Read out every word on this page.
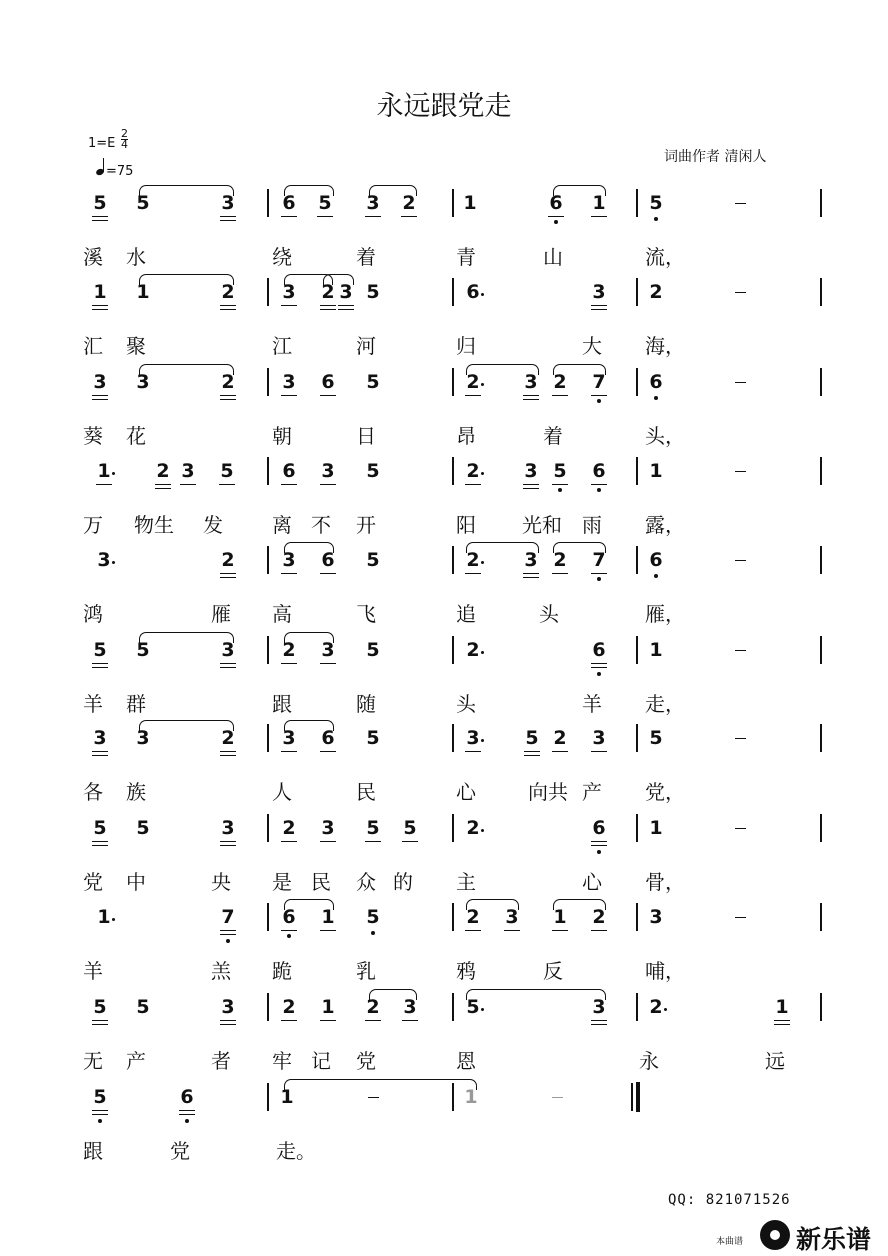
永远跟党走
$1=E \frac{2}{4}$
=75
词曲作者 清闲人
5 5	3	6 5 3 2	1	6 1 5
溪	水	绕	着	青	山	流，
1 1	2	3 2 3 5	6	3 2
汇	聚	江	河	归	大	海，
3 3	2	3 6 5	2 3 2 7 6
葵	花	朝	日	昂	着	头，
1 2 3 5	6 3 5	2 3 5 6 1
万	物生	发	离 不	开	阳	光和	雨	露，
3	2	3 6 5	2 3 2 7 6
鸿	雁	高	飞	追	头	雁，
5 5	3	2 3 5	2	6 1
羊	群	跟	随	头	羊	走，
3 3	2	3 6 5	3 5 2 3 5
各	族	人	民	心	向共 产	党，
5 5	3	2 3 5 5	2	6 1
党	中	央	是 民	众 的	主	心	骨，
1	7	6 1 5	2 3 1 2 3
羊	羔	跪	乳	鸦	反	哺，
5 5	3	2 1 2 3	5	3 2	1
无	产	者	牢 记	党	恩	永	远
5	6	1	1
跟	党	走。
QQ: 821071526
本曲谱 新乐谱
